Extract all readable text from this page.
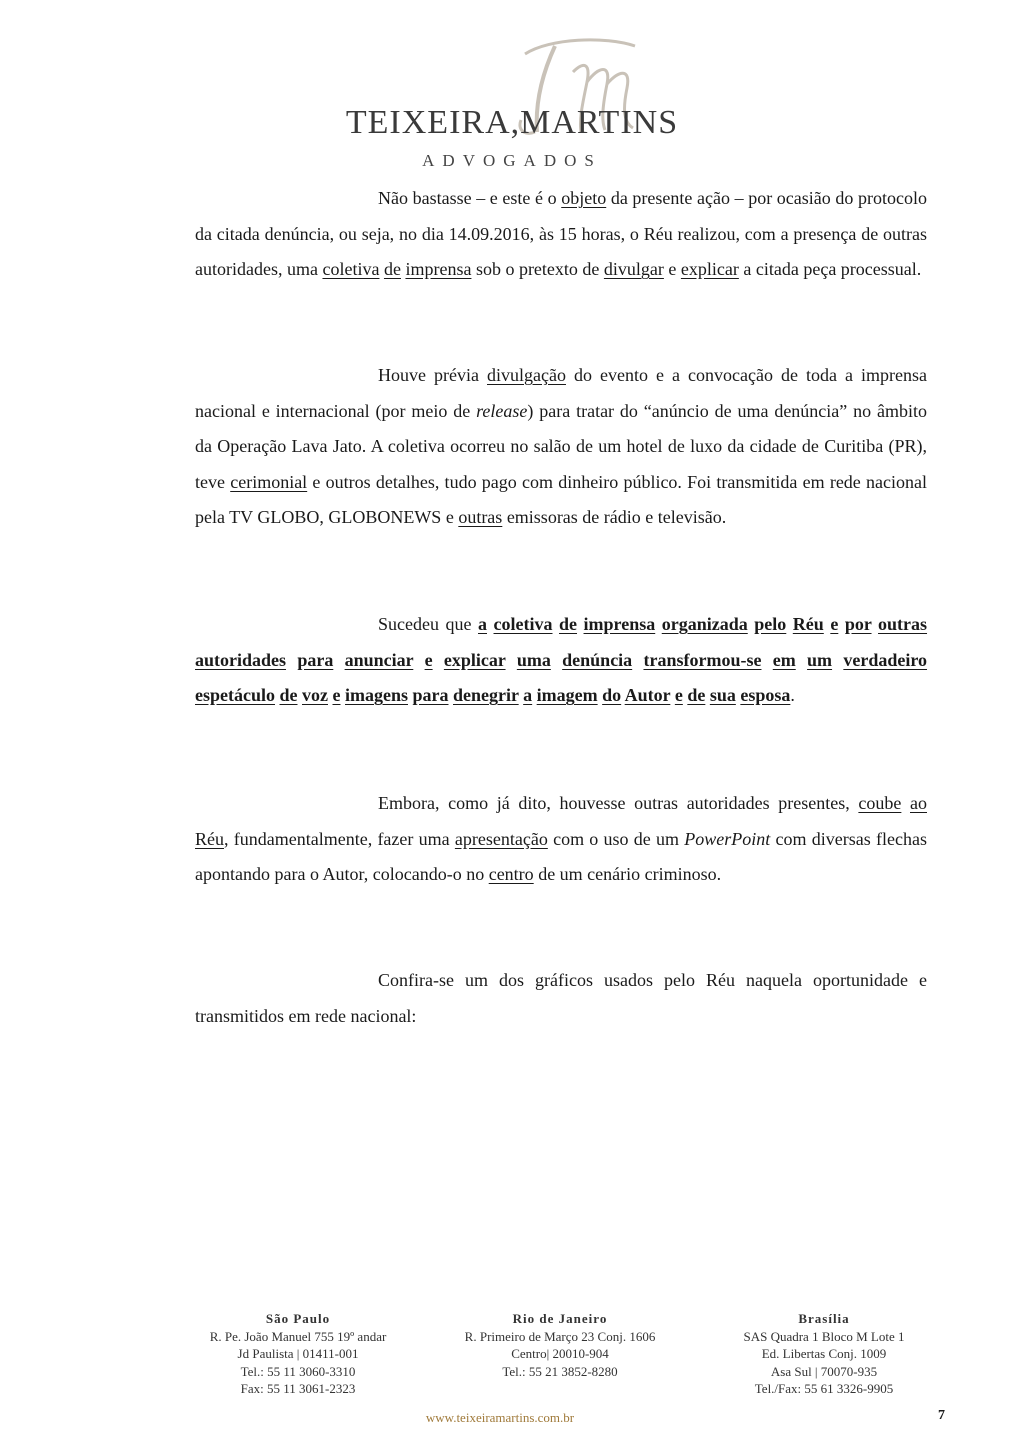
TEIXEIRA,MARTINS
ADVOGADOS

Não bastasse – e este é o objeto da presente ação – por ocasião do protocolo da citada denúncia, ou seja, no dia 14.09.2016, às 15 horas, o Réu realizou, com a presença de outras autoridades, uma coletiva de imprensa sob o pretexto de divulgar e explicar a citada peça processual.

Houve prévia divulgação do evento e a convocação de toda a imprensa nacional e internacional (por meio de release) para tratar do “anúncio de uma denúncia” no âmbito da Operação Lava Jato. A coletiva ocorreu no salão de um hotel de luxo da cidade de Curitiba (PR), teve cerimonial e outros detalhes, tudo pago com dinheiro público. Foi transmitida em rede nacional pela TV GLOBO, GLOBONEWS e outras emissoras de rádio e televisão.

Sucedeu que a coletiva de imprensa organizada pelo Réu e por outras autoridades para anunciar e explicar uma denúncia transformou-se em um verdadeiro espetáculo de voz e imagens para denegrir a imagem do Autor e de sua esposa.

Embora, como já dito, houvesse outras autoridades presentes, coube ao Réu, fundamentalmente, fazer uma apresentação com o uso de um PowerPoint com diversas flechas apontando para o Autor, colocando-o no centro de um cenário criminoso.

Confira-se um dos gráficos usados pelo Réu naquela oportunidade e transmitidos em rede nacional:

São Paulo
R. Pe. João Manuel 755 19º andar
Jd Paulista | 01411-001
Tel.: 55 11 3060-3310
Fax: 55 11 3061-2323
Rio de Janeiro
R. Primeiro de Março 23 Conj. 1606
Centro| 20010-904
Tel.: 55 21 3852-8280
Brasília
SAS Quadra 1 Bloco M Lote 1
Ed. Libertas Conj. 1009
Asa Sul | 70070-935
Tel./Fax: 55 61 3326-9905
www.teixeiramartins.com.br	7
